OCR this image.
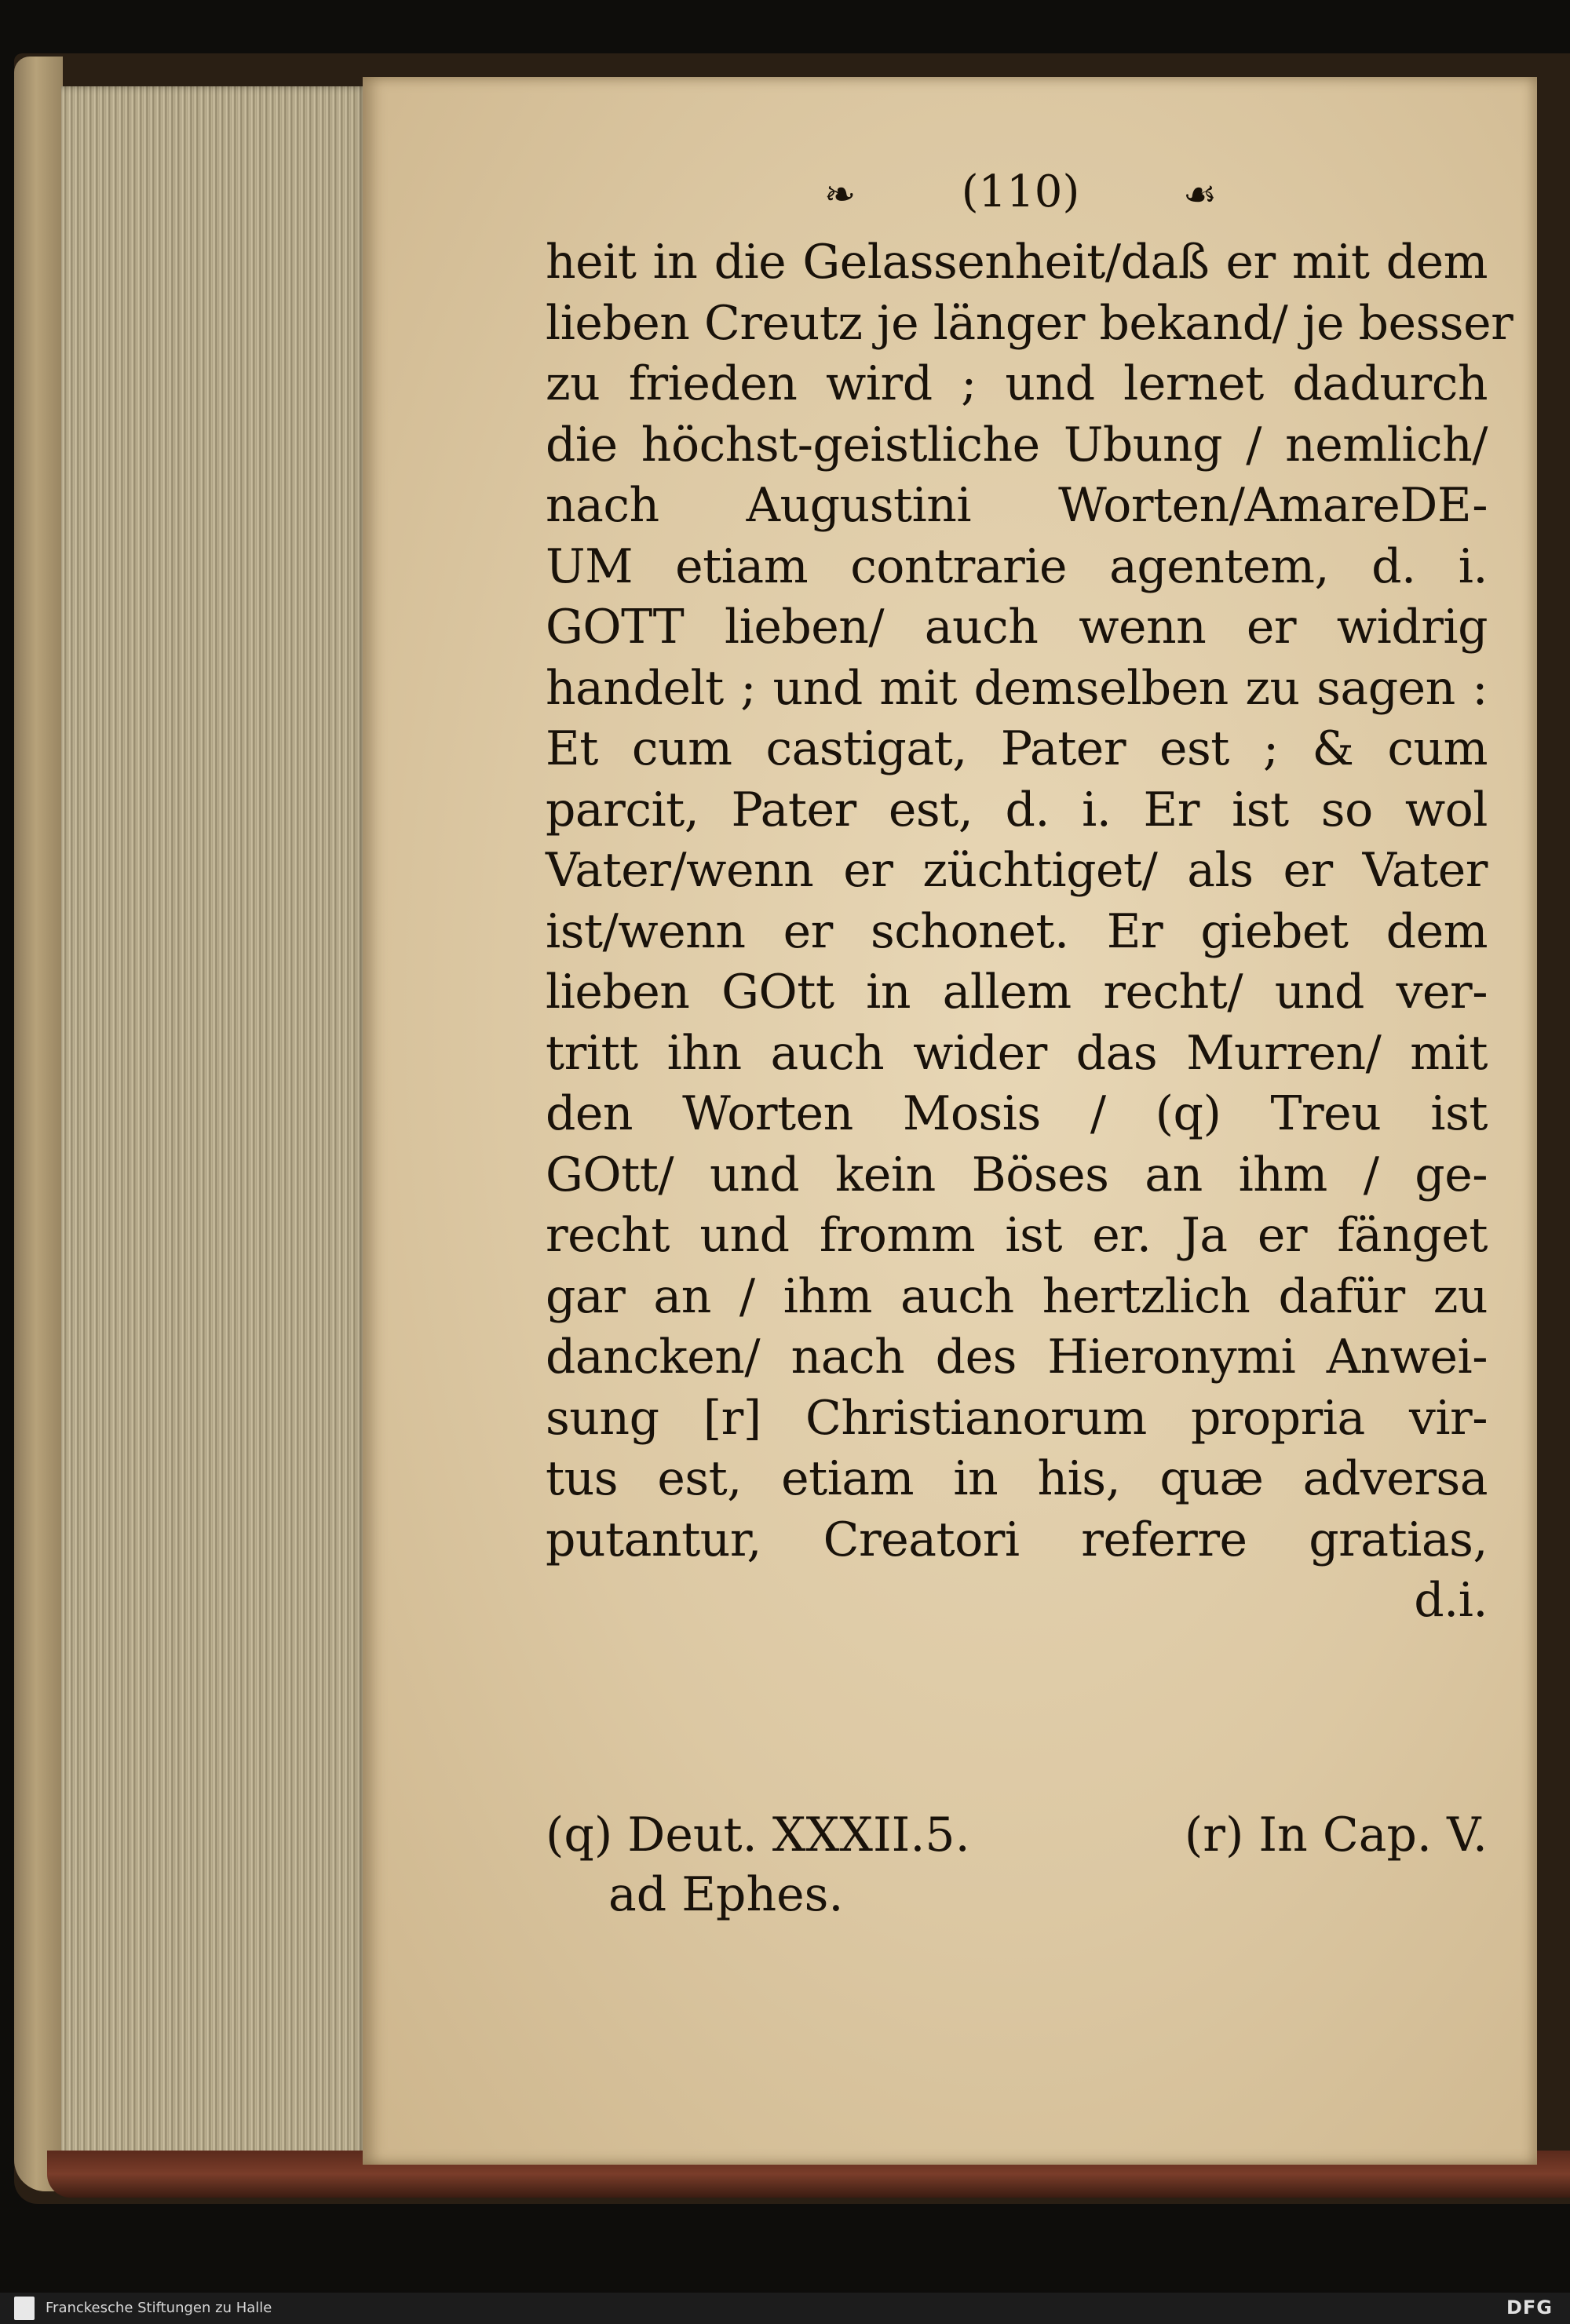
❧ (110)	☙
heit in die Gelassenheit/daß er mit dem
lieben Creutz je länger bekand/ je besser
zu frieden wird ; und lernet dadurch
die höchst-geistliche Ubung / nemlich/
nach Augustini Worten/AmareDE-
UM etiam contrarie agentem, d. i.
GOTT lieben/ auch wenn er widrig
handelt ; und mit demselben zu sagen :
Et cum castigat, Pater est ; & cum
parcit, Pater est, d. i. Er ist so wol
Vater/wenn er züchtiget/ als er Vater
ist/wenn er schonet. Er giebet dem
lieben GOtt in allem recht/ und ver-
tritt ihn auch wider das Murren/ mit
den Worten Mosis / (q) Treu ist
GOtt/ und kein Böses an ihm / ge-
recht und fromm ist er. Ja er fänget
gar an / ihm auch hertzlich dafür zu
dancken/ nach des Hieronymi Anwei-
sung [r] Christianorum propria vir-
tus est, etiam in his, quæ adversa
putantur, Creatori referre gratias,
d.i.
(q) Deut. XXXII.5.	(r) In Cap. V.
ad Ephes.
Franckesche Stiftungen zu Halle	DFG
